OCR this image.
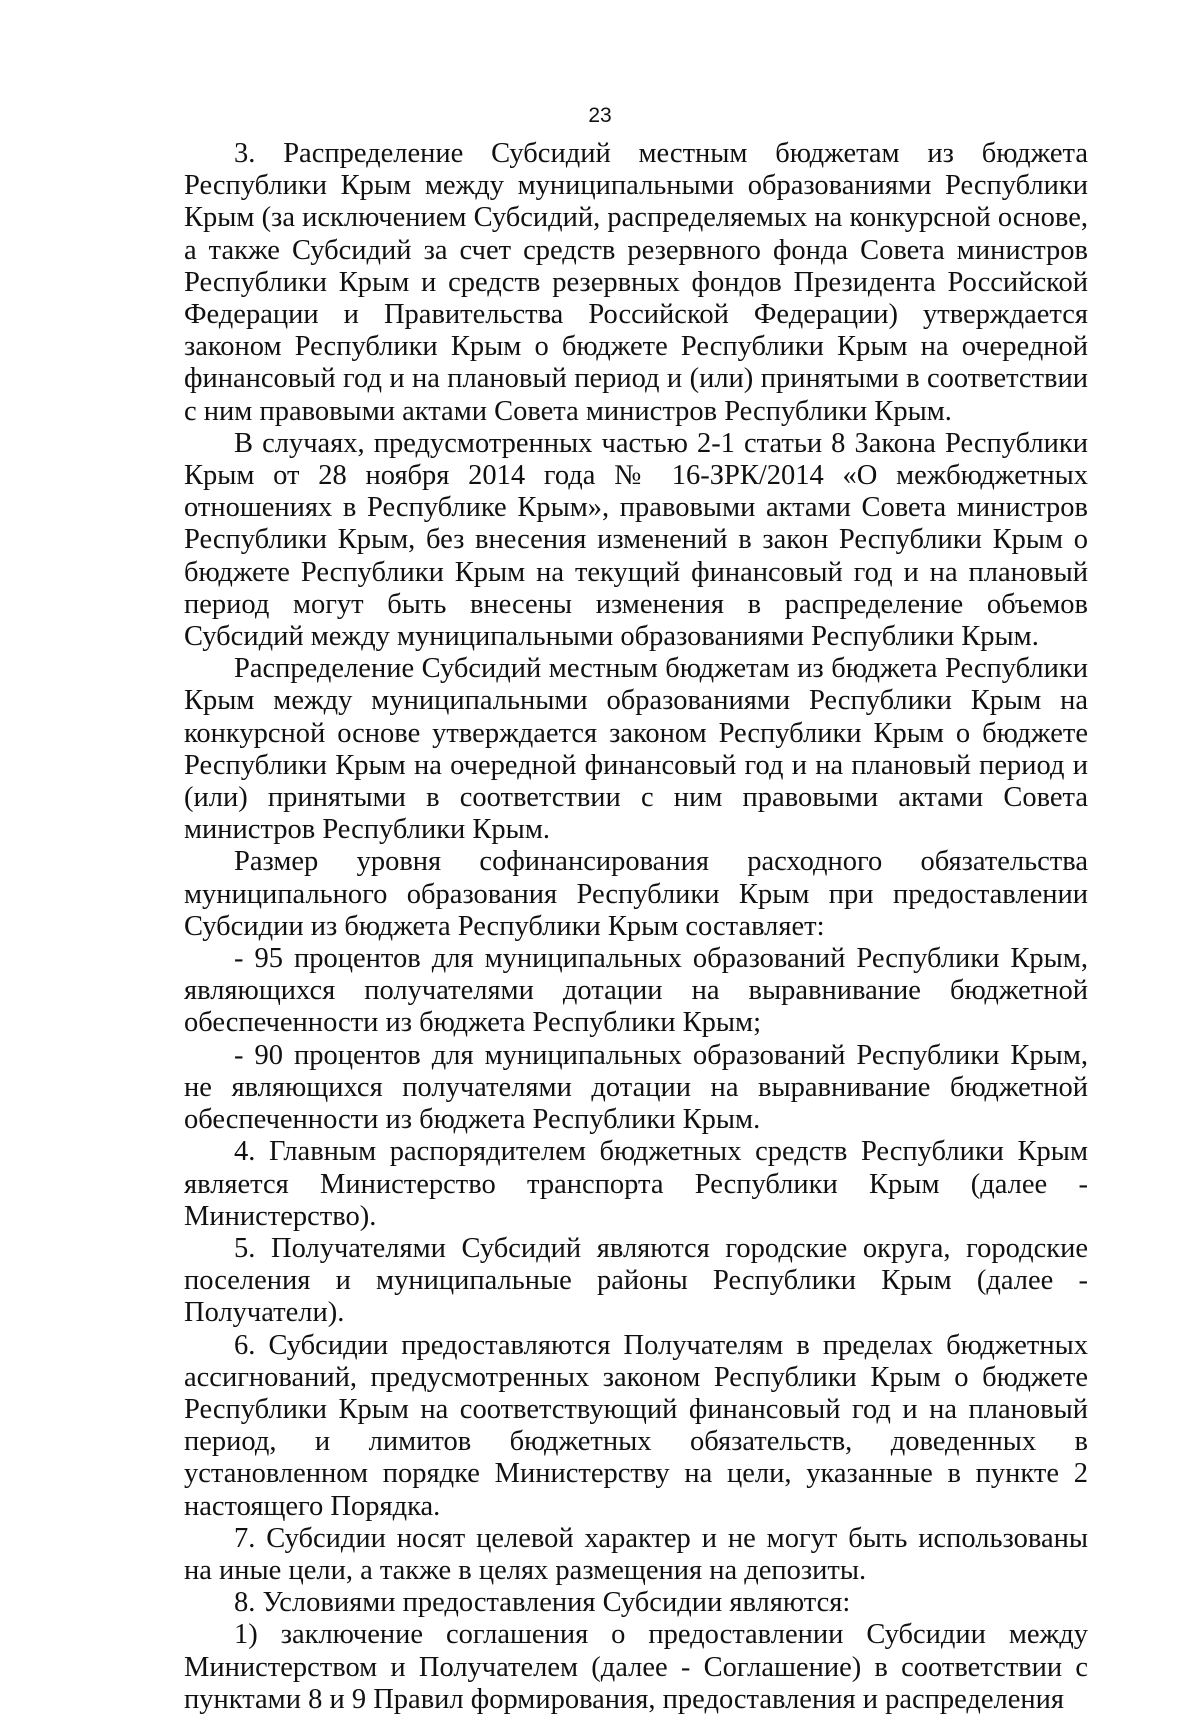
23

3. Распределение Субсидий местным бюджетам из бюджета Республики Крым между муниципальными образованиями Республики Крым (за исключением Субсидий, распределяемых на конкурсной основе, а также Субсидий за счет средств резервного фонда Совета министров Республики Крым и средств резервных фондов Президента Российской Федерации и Правительства Российской Федерации) утверждается законом Республики Крым о бюджете Республики Крым на очередной финансовый год и на плановый период и (или) принятыми в соответствии с ним правовыми актами Совета министров Республики Крым.

В случаях, предусмотренных частью 2-1 статьи 8 Закона Республики Крым от 28 ноября 2014 года № 16-ЗРК/2014 «О межбюджетных отношениях в Республике Крым», правовыми актами Совета министров Республики Крым, без внесения изменений в закон Республики Крым о бюджете Республики Крым на текущий финансовый год и на плановый период могут быть внесены изменения в распределение объемов Субсидий между муниципальными образованиями Республики Крым.

Распределение Субсидий местным бюджетам из бюджета Республики Крым между муниципальными образованиями Республики Крым на конкурсной основе утверждается законом Республики Крым о бюджете Республики Крым на очередной финансовый год и на плановый период и (или) принятыми в соответствии с ним правовыми актами Совета министров Республики Крым.

Размер уровня софинансирования расходного обязательства муниципального образования Республики Крым при предоставлении Субсидии из бюджета Республики Крым составляет:

- 95 процентов для муниципальных образований Республики Крым, являющихся получателями дотации на выравнивание бюджетной обеспеченности из бюджета Республики Крым;

- 90 процентов для муниципальных образований Республики Крым, не являющихся получателями дотации на выравнивание бюджетной обеспеченности из бюджета Республики Крым.

4. Главным распорядителем бюджетных средств Республики Крым является Министерство транспорта Республики Крым (далее - Министерство).

5. Получателями Субсидий являются городские округа, городские поселения и муниципальные районы Республики Крым (далее - Получатели).

6. Субсидии предоставляются Получателям в пределах бюджетных ассигнований, предусмотренных законом Республики Крым о бюджете Республики Крым на соответствующий финансовый год и на плановый период, и лимитов бюджетных обязательств, доведенных в установленном порядке Министерству на цели, указанные в пункте 2 настоящего Порядка.

7. Субсидии носят целевой характер и не могут быть использованы на иные цели, а также в целях размещения на депозиты.

8. Условиями предоставления Субсидии являются:

1) заключение соглашения о предоставлении Субсидии между Министерством и Получателем (далее - Соглашение) в соответствии с пунктами 8 и 9 Правил формирования, предоставления и распределения
